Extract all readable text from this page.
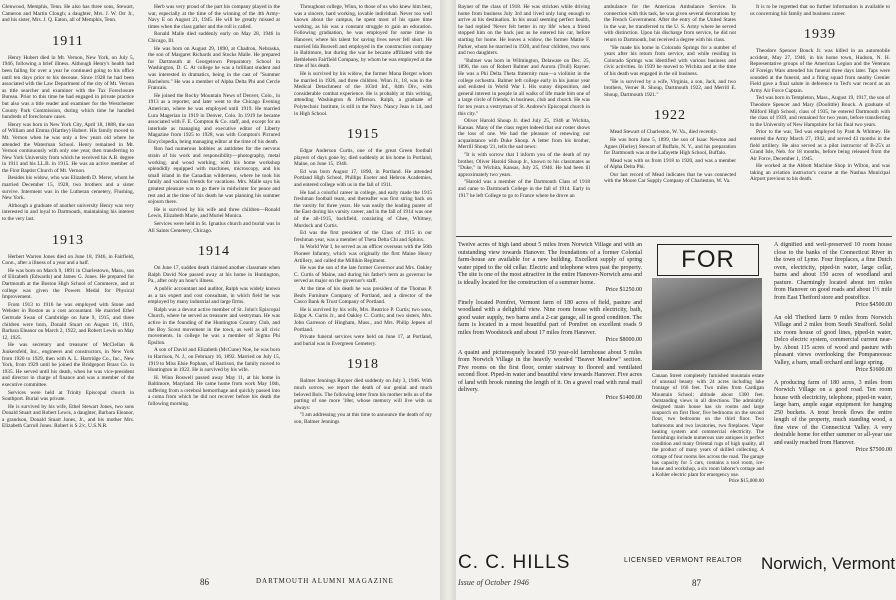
Glenwood, Memphis, Tenn. He also has three sons, Stewart, Cameron and Martin Clough; a daughter, Mrs. J. W. Orr Jr., and his sister, Mrs. J. Q. Eaton, all of Memphis, Tenn.

1911

Henry Hubert died in Mt. Vernon, New York, on July 5, 1946, following a brief illness. Although Henry's health had been failing for over a year he continued going to his office until ten days prior to his decease. Since 1928 he had been associated with the Law Department of the city of Mt. Vernon as title searcher and examiner with the Tax Foreclosure Bureau. Prior to this time he had engaged in private practice but also was a title reader and examiner for the Westchester County Park Commission, during which time he handled hundreds of foreclosure cases.

Henry was born in New York City, April 18, 1888, the son of William and Emma (Hartley) Hubert. His family moved to Mt. Vernon when he was only a few years old where he attended the Waterman School. Henry remained in Mt. Vernon continuously with only one year, then transferring to New York University from which he received his A.B. degree in 1911 and his LL.B. in 1915. He was an active member of the First Baptist Church of Mt. Vernon.

Besides his widow, who was Elizabeth D. Merer, whom he married December 15, 1928, two brothers and a sister survive. Interment was in the Lutheran cemetery, Flushing, New York.

Although a graduate of another university Henry was very interested in and loyal to Dartmouth, maintaining his interest to the very last.

1913

Herbert Warren Jones died on June 18, 1946, in Fairfield, Conn., after a illness of a year and a half.

He was born on March 9, 1891 in Charlestown, Mass., son of Elizabeth (Edwards) and James G. Jones. He prepared for Dartmouth at the Boston High School of Commerce, and at college was given the Powers Medal for Physical Improvement.

From 1913 to 1916 he was employed with Stone and Webster in Boston as a cost accountant. He married Ethel Gertrude Swan of Cambridge on June 9, 1915, and three children were born, Donald Stuart on August 16, 1916, Barbara Eleanor on March 2, 1922, and Robert Lewis on May 12, 1925.

He was secretary and treasurer of McClellan & Junkersfeld, Inc., engineers and constructors, in New York from 1920 to 1929, then with A. L. Hartridge Co., Inc., New York, from 1929 until he joined the Bridgeport Brass Co. in 1935. He served until his death, when he was vice-president and director in charge of finance and was a member of the executive committee.

Services were held at Trinity Episcopal church in Southport. Burial was private.

He is survived by his wife, Ethel Stewart Jones, two sons Donald Stuart and Robert Lewis, a daughter, Barbara Eleanor, a grandson, Donald Stuart Jones, Jr., and his mother Mrs. Elizabeth Carroll Jones. Robert is S 2/c, U.S.N.R.

Herb was very proud of the part his company played in the war, especially at the time of the winning of the 4th Army-Navy E on August 21, 1945. He will be greatly missed at times when the class gather and the roll is called.

Ronald Malle died suddenly early on May 28, 1946 in Chicago, Ill.

He was born on August 29, 1890, at Chadron, Nebraska, the son of Margaret Richards and Stocks Malle. He prepared for Dartmouth at Georgetown Preparatory School in Washington, D. C. At college he was a brilliant student and was interested in dramatics, being in the cast of "Summer Bachelors." He was a member of Alpha Delta Phi and Cercle Francais.

He joined the Rocky Mountain News of Denver, Colo., in 1913 as a reporter, and later went to the Chicago Evening American, where he was employed until 1919. He married Lura Magerian in 1919 in Denver, Colo. In 1919 he became associated with F. E. Compton & Co. staff, and, except for an interlude as managing and executive editor of Liberty Magazine from 1925 to 1928, was with Compton's Pictured Encyclopedia, being managing editor at the time of his death.

Ron had numerous hobbies as antidotes for the nervous strain of his work and responsibility—photography, metal working, and wood working, with his home workshop splendidly equipped with machines, microscopy, and his small island in the Canadian wilderness, where he took his family and various friends for vacations. Mrs. Malle says his greatest pleasure was to go there in midwinter for peace and rest and at the time of his death he was planning his summer sojourn there.

He is survived by his wife and three children—Ronald Lewis, Elizabeth Marie, and Muriel Monica.

Services were held in St. Ignatius church and burial was in All Saints Cemetery, Chicago.

1914

On June 17, sudden death claimed another classmate when Ralph David Noe passed away at his home in Huntington, Pa., after only an hour's illness.

A public accountant and auditor, Ralph was widely known as a tax expert and cost consultant, in which field he was employed by many industrial and large firms.

Ralph was a devout active member of St. John's Episcopal Church, where he served as treasurer and vestryman. He was active in the founding of the Huntington Country Club, and the Boy Scout movement in the town, as well as all civic movements. In college he was a member of Sigma Phi Epsilon.

A son of David and Elizabeth (McCune) Noe, he was born in Harrison, N. J., on February 16, 1892. Married on July 15, 1919 to Miss Elsie Popham, of Harrison, the family moved to Huntington in 1922. He is survived by his wife.

H. Winn Boswell passed away May 11, at his home in Baltimore, Maryland. He came home from work May 10th, suffering from a cerebral hemorrhage and quickly passed into a coma from which he did not recover before his death the following morning.

Throughout college, Winn, to those of us who knew him best, was a sincere, hard working, lovable individual. Never too well known about the campus, he spent most of his spare time working, as his was a constant struggle to gain an education. Following graduation, he was employed for some time in Hanover, where his talent for saving lives never fell short. He married Ida Buswell and employed in the construction company in Baltimore, but during the war he became affiliated with the Bethlehem Fairfield Company, by whom he was employed at the time of his death.

He is survived by his widow, the former Mona Berger whom he married in 1926, and three children. Winn Jr., 18, was in the Medical Detachment of the 103rd Inf., 84th Div., with considerable combat experience. He is probably at this writing, attending Washington & Jefferson. Ralph, a graduate of Polytechnic Institute, is still in the Navy. Nancy Jean is 14, and in High School.

1915

Edgar Anderson Curtis, one of the great Green football players of days gone by, died suddenly at his home in Portland, Maine, on June 15, 1946.

Ed was born August 17, 1890, in Portland. He attended Portland High School, Phillips Exeter and Hebron Academies, and entered college with us in the fall of 1911.

He had a colorful career in college, and early made the 1915 freshman football team, and thereafter was first string back on the varsity for three years. He was easily the leading punter of the East during his varsity career, and in the fall of 1914 was one of the all-1915, backfield, consisting of Ghee, Whitney, Murdock and Curtis.

Ed was the first president of the Class of 1915 in our freshman year, was a member of Theta Delta Chi and Sphinx.

In World War I, he served as an officer overseas with the 56th Pioneer Infantry, which was originally the first Maine Heavy Artillery, and called the Millikin Regiment.

He was the son of the late former Governor and Mrs. Oakley C. Curtis of Maine, and during his father's term as governor he served as major on the governor's staff.

At the time of his death he was president of the Thomas P. Beals Furniture Company of Portland, and a director of the Casco Bank & Trust Company of Portland.

He is survived by his wife, Mrs. Beatrice P. Curtis; two sons, Edgar A. Curtis Jr., and Oakley C. Curtis; and two sisters, Mrs. John Garreson of Hingham, Mass., and Mrs. Philip Jepsen of Portland.

Private funeral services were held on June 17, at Portland, and burial was in Evergreen Cemetery.

1918

Balmer Jennings Rayner died suddenly on July 3, 1946. With much sorrow, we report the death of our genial and much beloved Bols. The following letter from his mother tells us of the parting of one more '18er, whose memory will live with us always:

"I am addressing you at this time to announce the death of my son, Balmer Jennings

86	DARTMOUTH ALUMNI MAGAZINE

Rayner of the class of 1918. He was stricken while driving home from business July 3rd and lived only long enough to arrive at his destination. In his usual seeming perfect health, he had replied 'Never felt better in my life' when a friend stopped him on the back just as he entered his car, before starting for home. He leaves a widow, the former Mattie F. Parker, whom he married in 1920, and four children, two sons and two daughters.

"Balmer was born in Wilmington, Delaware on Dec. 25, 1896, the son of Robert Balmer and Aurora (Trull) Rayner. He was a Phi Delta Theta fraternity man—a violinist in the college orchestra. Balmer left college early in his junior year and enlisted in World War I. His sunny disposition, and general interest in people in all walks of life made him one of a large circle of friends, in business, club and church. He was for ten years a vestryman of St. Andrew's Episcopal church in this city."

Oliver Harold Shoup Jr. died July 25, 1946 at Wichita, Kansas. Many of the class regret indeed that our roster shows the loss of one. We had the pleasure of renewing our acquaintance with Duke Shoup. A letter from his brother, Merrill Shoup '21, tells the sad news:

"It is with sorrow that I inform you of the death of my brother, Oliver Harold Shoup Jr., known to his classmates as "Duke," in Wichita, Kansas, July 25, 1946. He had been ill approximately two years.

"Harold was a member of the Dartmouth Class of 1918 and came to Dartmouth College in the fall of 1914. Early in 1917 he left College to go to France where he drove an

ambulance for the American Ambulance Service. In connection with this task, he was given several decorations by the French Government. After the entry of the United States in the war, he transferred to the U. S. Army where he served with distinction. Upon his discharge from service, he did not return to Dartmouth, but received a degree with his class.

"He made his home in Colorado Springs for a number of years after his return from service, and while residing in Colorado Springs was identified with various business and civic activities. In 1939 he moved to Wichita and at the time of his death was engaged in the oil business.

"He is survived by a wife, Virginia, a son, Jack, and two brothers, Verner R. Shoup, Dartmouth 1922, and Merrill E. Shoup, Dartmouth 1921."

1922

Mead Stewart of Charleston, W. Va., died recently.

He was born June 5, 1899, the son of Isaac Newton and Agnes (Hurley) Stewart of Buffalo, N. Y., and his preparation for Dartmouth was at the Lafayette High School, Buffalo.

Mead was with us from 1918 to 1920, and was a member of Alpha Delta Phi.

Our last record of Mead indicates that he was connected with the Moore Car Supply Company of Charleston, W. Va.

It is to be regretted that no further information is available to us concerning his family and business career.

1939

Theodore Spencer Bouck Jr. was killed in an automobile accident, May 27, 1946, in his home town, Hudson, N. H. Representative groups of the American Legion and the Veterans of Foreign Wars attended his funeral three days later. Taps were sounded at the funeral, and a firing squad from nearby Grenier Field gave a final salute in deference to Ted's war record as an Army Air Force Captain.

Ted was born in Templeton, Mass., August 19, 1917, the son of Theodore Spencer and Mary (Doolittle) Bouck. A graduate of Milford High School, class of 1935, he entered Dartmouth with the class of 1939, and remained for two years, before transferring to the University of New Hampshire for his final two years.

Prior to the war, Ted was employed by Pratt & Whitney. He entered the Army March 27, 1942, and served 43 months in the field artillery. He also served as a pilot instructor of B-25's at Grand Isle, Neb. for 18 months, before being released from the Air Force, December 1, 1945.

He worked at the Abbott Machine Shop in Wilton, and was taking an aviation instructor's course at the Nashua Municipal Airport previous to his death.

Twelve acres of high land about 5 miles from Norwich Village and with an outstanding view towards Hanover. The foundations of a former Colonial farm-house are available for a new building. Excellent supply of spring water piped to the old cellar. Electric and telephone wires past the property. The site is one of the most attractive in the entire Hanover-Norwich area and is ideally located for the construction of a summer home.
Price $1250.00

Finely located Pomfret, Vermont farm of 180 acres of field, pasture and woodland with a delightful view. Nine room house with electricity, bath, good water supply, two barns and a 2-car garage, all in good condition. The farm is located in a most beautiful part of Pomfret on excellent roads 9 miles from Woodstock and about 17 miles from Hanover.
Price $8000.00

A quaint and picturesquely located 150 year-old farmhouse about 5 miles from Norwich Village in the heavily wooded "Beaver Meadow" section. Five rooms on the first floor, center stairway to floored and ventilated second floor. Piped-in water and beautiful view towards Hanover. Five acres of land with brook running the length of it. On a gravel road with rural mail delivery.
Price $1400.00

FOR
Canaan Street completely furnished mountain estate of unusual beauty with 24 acres including lake frontage of 166 feet. Two miles from Cardigan Mountain School; altitude about 1300 feet. Outstanding views in all directions. The admirably designed main house has six rooms and large sunporch on first floor, five bedrooms on the second floor, two bedrooms on the third floor. Two bathrooms and two lavatories, two fireplaces. Vapor heating system and commercial electricity. The furnishings include numerous rare antiques in perfect condition and many Oriental rugs of high quality, all the product of many years of skilled collecting. A cottage of four rooms lies across the road. The garage has capacity for 5 cars, contains a tool room, ice-house and workshop, a six room laborer's cottage and a Kohler electric plant for emergency use.
Price $15,000.00

A dignified and well-preserved 10 room house close to the banks of the Connecticut River in the town of Lyme. Four fireplaces, a fine Dutch oven, electricity, piped-in water, large cellar, barns and about 150 acres of woodland and pasture. Charmingly located about ten miles from Hanover on good roads and about 1½ mile from East Thetford store and postoffice.
Price $4500.00

An old Thetford farm 9 miles from Norwich Village and 2 miles from South Strafford. Solid six room house of good lines, piped-in water, Delco electric system, commercial current near-by. About 115 acres of wood and pasture with pleasant views overlooking the Pompanoosuc Valley, a barn, small orchard and large spring.
Price $1600.00

A producing farm of 180 acres, 3 miles from Norwich Village on a good road. Ten room house with electricity, telephone, piped-in water, large barn, ample sugar equipment for hanging 250 buckets. A trout brook flows the entire length of the property, much standing wood, a fine view of the Connecticut Valley. A very desirable home for either summer or all-year use and easily reached from Hanover.
Price $7500.00

C. C. HILLS	LICENSED VERMONT REALTOR Norwich, Vermont
Issue of October 1946	87
